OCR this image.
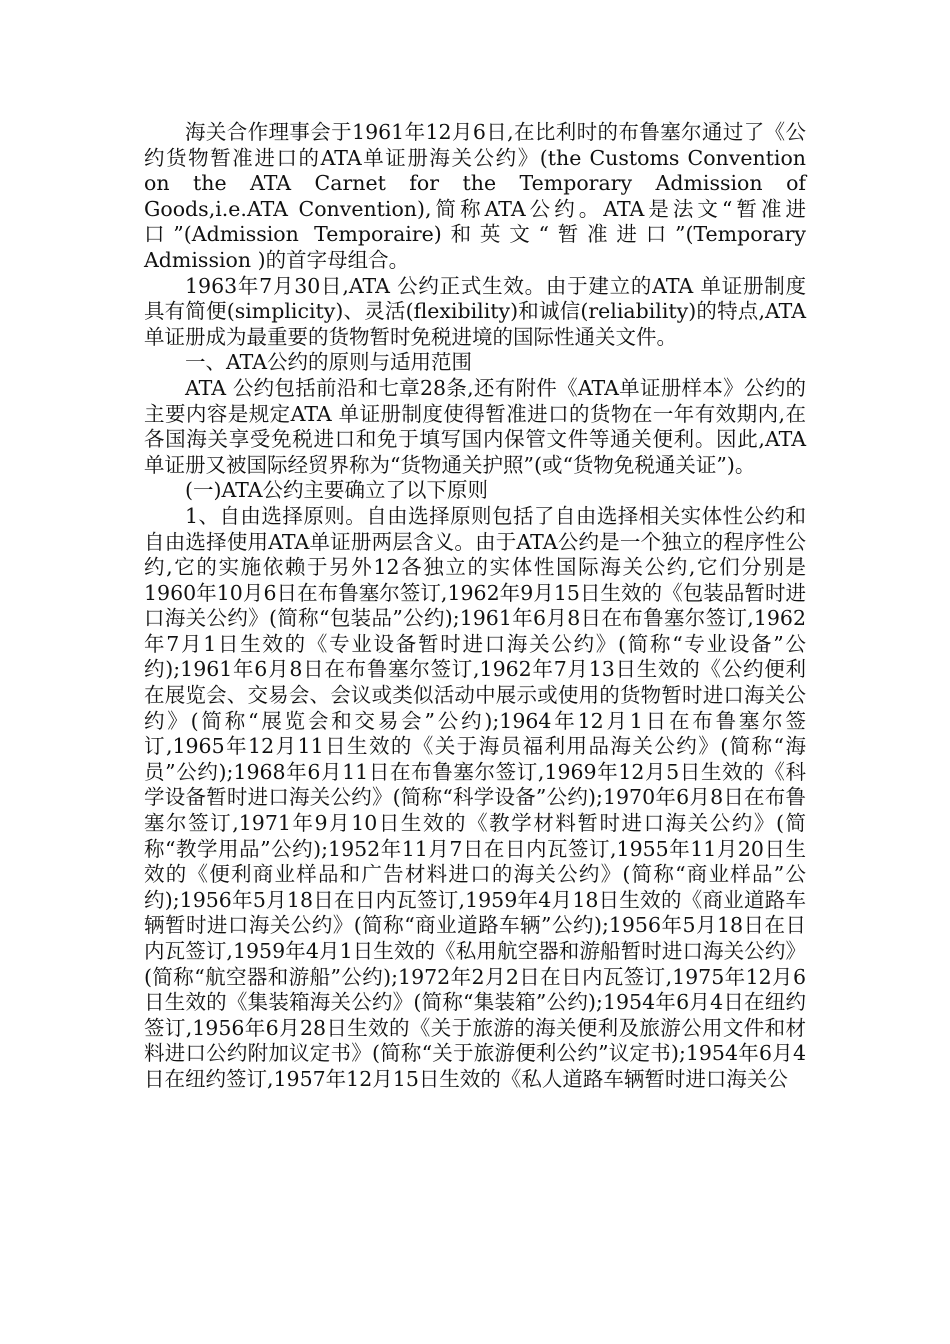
海关合作理事会于1961年12月6日,在比利时的布鲁塞尔通过了《公约货物暂准进口的ATA单证册海关公约》(the Customs Convention on the ATA Carnet for the Temporary Admission of Goods,i.e.ATA Convention),简称ATA公约。ATA是法文“暂准进口”(Admission Temporaire)和英文“暂准进口”(Temporary Admission )的首字母组合。

1963年7月30日,ATA 公约正式生效。由于建立的ATA 单证册制度具有简便(simplicity)、灵活(flexibility)和诚信(reliability)的特点,ATA单证册成为最重要的货物暂时免税进境的国际性通关文件。

一、ATA公约的原则与适用范围

ATA 公约包括前沿和七章28条,还有附件《ATA单证册样本》公约的主要内容是规定ATA 单证册制度使得暂准进口的货物在一年有效期内,在各国海关享受免税进口和免于填写国内保管文件等通关便利。因此,ATA单证册又被国际经贸界称为“货物通关护照”(或“货物免税通关证”)。

(一)ATA公约主要确立了以下原则

1、自由选择原则。自由选择原则包括了自由选择相关实体性公约和自由选择使用ATA单证册两层含义。由于ATA公约是一个独立的程序性公约,它的实施依赖于另外12各独立的实体性国际海关公约,它们分别是1960年10月6日在布鲁塞尔签订,1962年9月15日生效的《包装品暂时进口海关公约》(简称“包装品”公约);1961年6月8日在布鲁塞尔签订,1962年7月1日生效的《专业设备暂时进口海关公约》(简称“专业设备”公约);1961年6月8日在布鲁塞尔签订,1962年7月13日生效的《公约便利在展览会、交易会、会议或类似活动中展示或使用的货物暂时进口海关公约》(简称“展览会和交易会”公约);1964年12月1日在布鲁塞尔签订,1965年12月11日生效的《关于海员福利用品海关公约》(简称“海员”公约);1968年6月11日在布鲁塞尔签订,1969年12月5日生效的《科学设备暂时进口海关公约》(简称“科学设备”公约);1970年6月8日在布鲁塞尔签订,1971年9月10日生效的《教学材料暂时进口海关公约》(简称“教学用品”公约);1952年11月7日在日内瓦签订,1955年11月20日生效的《便利商业样品和广告材料进口的海关公约》(简称“商业样品”公约);1956年5月18日在日内瓦签订,1959年4月18日生效的《商业道路车辆暂时进口海关公约》(简称“商业道路车辆”公约);1956年5月18日在日内瓦签订,1959年4月1日生效的《私用航空器和游船暂时进口海关公约》(简称“航空器和游船”公约);1972年2月2日在日内瓦签订,1975年12月6日生效的《集装箱海关公约》(简称“集装箱”公约);1954年6月4日在纽约签订,1956年6月28日生效的《关于旅游的海关便利及旅游公用文件和材料进口公约附加议定书》(简称“关于旅游便利公约”议定书);1954年6月4日在纽约签订,1957年12月15日生效的《私人道路车辆暂时进口海关公
